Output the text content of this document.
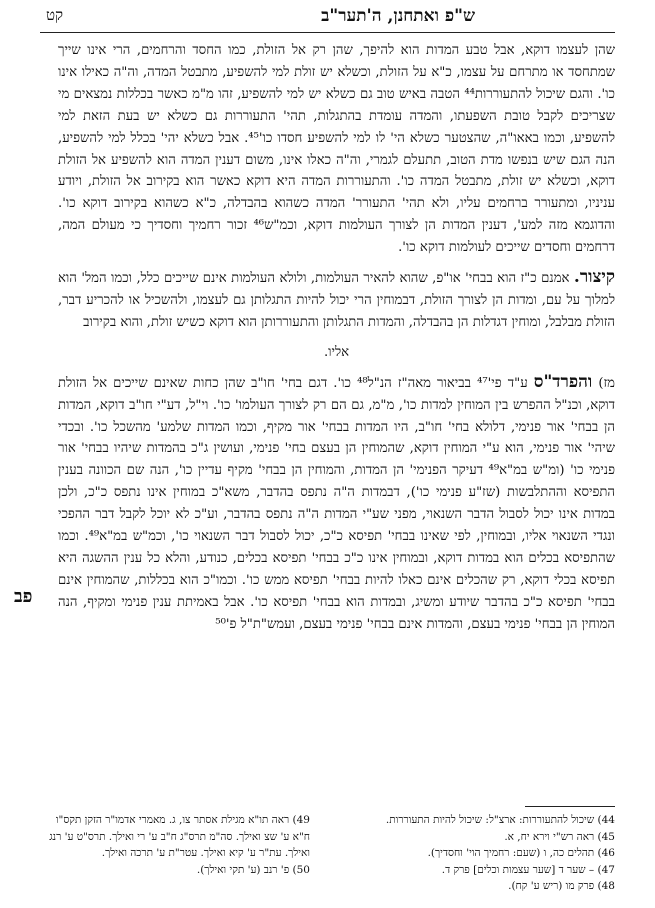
ש"פ ואתחנן, ה'תער"ב
קט

שהן לעצמו דוקא, אבל טבע המדות הוא להיפך, שהן רק אל הזולת, כמו החסד והרחמים, הרי אינו שייך שמתחסד או מתרחם על עצמו, כ"א על הזולת, וכשלא יש זולת למי להשפיע, מתבטל המדה, וה"ה כאילו אינו כו'. והגם שיכול להתעוררות⁴⁴ הטבה באיש טוב גם כשלא יש למי להשפיע, זהו מ"מ כאשר בכללות נמצאים מי שצריכים לקבל טובת השפעתו, והמדה עומדת בהתגלות, תהי' התעוררות גם כשלא יש בעת הזאת למי להשפיע, וכמו באאו"ה, שהצטער כשלא הי' לו למי להשפיע חסדו כו'⁴⁵. אבל כשלא יהי' בכלל למי להשפיע, הנה הגם שיש בנפשו מדת הטוב, תתעלם לגמרי, וה"ה כאלו אינו, משום דענין המדה הוא להשפיע אל הזולת דוקא, וכשלא יש זולת, מתבטל המדה כו'. והתעוררות המדה היא דוקא כאשר הוא בקירוב אל הזולת, ויודע עניניו, ומתעורר ברחמים עליו, ולא תהי' התעורר' המדה כשהוא בהבדלה, כ"א כשהוא בקירוב דוקא כו'. והדוגמא מזה למע', דענין המדות הן לצורך העולמות דוקא, וכמ"ש⁴⁶ זכור רחמיך וחסדיך כי מעולם המה, דרחמים וחסדים שייכים לעולמות דוקא כו'.

קיצור. אמנם כ"ז הוא בבחי' או"פ, שהוא להאיר העולמות, ולולא העולמות אינם שייכים כלל, וכמו המל' הוא למלוך על עם, ומדות הן לצורך הזולת, דבמוחין הרי יכול להיות התגלותן גם לעצמו, ולהשכיל או להכריע דבר, הזולת מבלבל, ומוחין דגדלות הן בהבדלה, והמדות התגלותן והתעוררותן הוא דוקא כשיש זולת, והוא בקירוב

אליו.

מז) והפרד"ס ע"ד פי'⁴⁷ בביאור מאה"ז הנ"ל⁴⁸ כו'. דגם בחי' חו"ב שהן כחות שאינם שייכים אל הזולת דוקא, וכנ"ל ההפרש בין המוחין למדות כו', מ"מ, גם הם רק לצורך העולמו' כו'. וי"ל, דע"י חו"ב דוקא, המדות הן בבחי' אור פנימי, דלולא בחי' חו"ב, היו המדות בבחי' אור מקיף, וכמו המדות שלמע' מהשכל כו'. ובכדי שיהי' אור פנימי, הוא ע"י המוחין דוקא, שהמוחין הן בעצם בחי' פנימי, ועושין ג"כ בהמדות שיהיו בבחי' אור פנימי כו' (ומ"ש במ"א⁴⁹ דעיקר הפנימי' הן המדות, והמוחין הן בבחי' מקיף עדיין כו', הנה שם הכוונה בענין התפיסא וההתלבשות (שז"ע פנימי כו'), דבמדות ה"ה נתפס בהדבר, משא"כ במוחין אינו נתפס כ"כ, ולכן במדות אינו יכול לסבול הדבר השנאוי, מפני שע"י המדות ה"ה נתפס בהדבר, וע"כ לא יוכל לקבל דבר ההפכי ונגדי השנאוי אליו, ובמוחין, לפי שאינו בבחי' תפיסא כ"כ, יכול לסבול דבר השנאוי כו', וכמ"ש במ"א⁴⁹. וכמו שהתפיסא בכלים הוא במדות דוקא, ובמוחין אינו כ"כ בבחי' תפיסא בכלים, כנודע, והלא כל ענין ההשגה היא תפיסא בכלי דוקא, רק שהכלים אינם כאלו להיות בבחי' תפיסא ממש כו'. וכמו"כ הוא בכללות, שהמוחין אינם בבחי' תפיסא כ"כ בהדבר שיודע ומשיג, ובמדות הוא בבחי' תפיסא כו'. אבל באמיתת ענין פנימי ומקיף, הנה המוחין הן בבחי' פנימי בעצם, והמדות אינם בבחי' פנימי בעצם, ועמש"ת"ל פ'⁵⁰

פב

44) שיכול להתעוררות: ארצ"ל: שיכול להיות התעוררות.

45) ראה רש"י וירא יח, א.

46) תהלים כה, ו (שעם: רחמיך הוי' וחסדיך).

47) – שער ד [שער עצמות וכלים] פרק ד.

48) פרק מו (ריש ע' קח).

49) ראה תו"א מגילת אסתר צו, ג. מאמרי אדמו"ר הזקן תקס"ו ח"א ע' שצ ואילך. סה"מ תרס"ג ח"ב ע' רי ואילך. תרס"ט ע' רנג ואילך. עת"ר ע' קיא ואילך. עטר"ת ע' תרכה ואילך.

50) פ' רנב (ע' תקי ואילך).
